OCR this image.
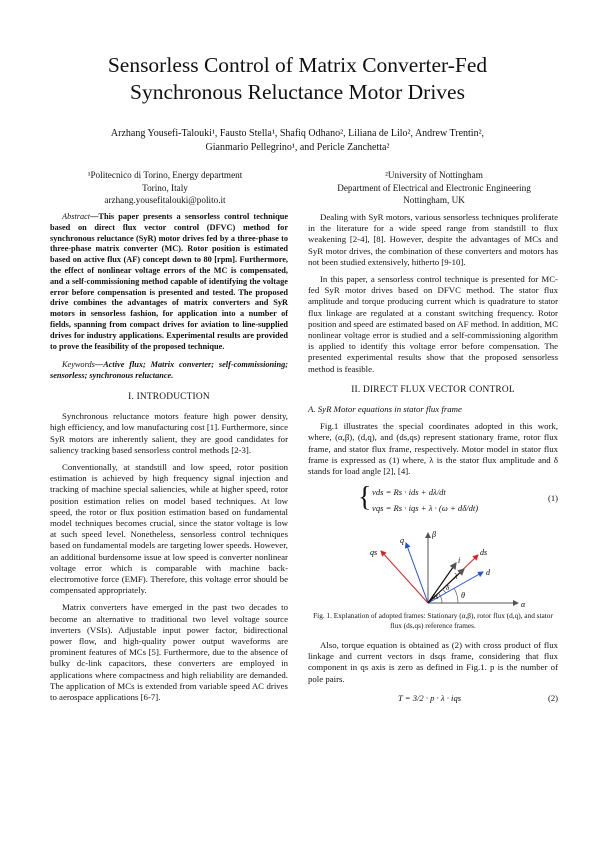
Sensorless Control of Matrix Converter-Fed
Synchronous Reluctance Motor Drives
Arzhang Yousefi-Talouki¹, Fausto Stella¹, Shafiq Odhano², Liliana de Lilo², Andrew Trentin²,
Gianmario Pellegrino¹, and Pericle Zanchetta²
¹Politecnico di Torino, Energy department
Torino, Italy
arzhang.yousefitalouki@polito.it
²University of Nottingham
Department of Electrical and Electronic Engineering
Nottingham, UK
Abstract—This paper presents a sensorless control technique based on direct flux vector control (DFVC) method for synchronous reluctance (SyR) motor drives fed by a three-phase to three-phase matrix converter (MC). Rotor position is estimated based on active flux (AF) concept down to 80 [rpm]. Furthermore, the effect of nonlinear voltage errors of the MC is compensated, and a self-commissioning method capable of identifying the voltage error before compensation is presented and tested. The proposed drive combines the advantages of matrix converters and SyR motors in sensorless fashion, for application into a number of fields, spanning from compact drives for aviation to line-supplied drives for industry applications. Experimental results are provided to prove the feasibility of the proposed technique.
Keywords—Active flux; Matrix converter; self-commissioning; sensorless; synchronous reluctance.
I. INTRODUCTION

Synchronous reluctance motors feature high power density, high efficiency, and low manufacturing cost [1]. Furthermore, since SyR motors are inherently salient, they are good candidates for saliency tracking based sensorless control methods [2-3].

Conventionally, at standstill and low speed, rotor position estimation is achieved by high frequency signal injection and tracking of machine special saliencies, while at higher speed, rotor position estimation relies on model based techniques. At low speed, the rotor or flux position estimation based on fundamental model techniques becomes crucial, since the stator voltage is low at such speed level. Nonetheless, sensorless control techniques based on fundamental models are targeting lower speeds. However, an additional burdensome issue at low speed is converter nonlinear voltage error which is comparable with machine back-electromotive force (EMF). Therefore, this voltage error should be compensated appropriately.

Matrix converters have emerged in the past two decades to become an alternative to traditional two level voltage source inverters (VSIs). Adjustable input power factor, bidirectional power flow, and high-quality power output waveforms are prominent features of MCs [5]. Furthermore, due to the absence of bulky dc-link capacitors, these converters are employed in applications where compactness and high reliability are demanded. The application of MCs is extended from variable speed AC drives to aerospace applications [6-7].

Dealing with SyR motors, various sensorless techniques proliferate in the literature for a wide speed range from standstill to flux weakening [2-4], [8]. However, despite the advantages of MCs and SyR motor drives, the combination of these converters and motors has not been studied extensively, hitherto [9-10].

In this paper, a sensorless control technique is presented for MC-fed SyR motor drives based on DFVC method. The stator flux amplitude and torque producing current which is quadrature to stator flux linkage are regulated at a constant switching frequency. Rotor position and speed are estimated based on AF method. In addition, MC nonlinear voltage error is studied and a self-commissioning algorithm is applied to identify this voltage error before compensation. The presented experimental results show that the proposed sensorless method is feasible.

II. DIRECT FLUX VECTOR CONTROL
A. SyR Motor equations in stator flux frame

Fig.1 illustrates the special coordinates adopted in this work, where, (α,β), (d,q), and (ds,qs) represent stationary frame, rotor flux frame, and stator flux frame, respectively. Motor model in stator flux frame is expressed as (1) where, λ is the stator flux amplitude and δ stands for load angle [2], [4].

{ vds = Rs · ids + dλ/dt
vqs = Rs · iqs + λ · (ω + dδ/dt)
(1)
β
α
q
d
qs	ds
λ
i
θ
δ
θs
Fig. 1. Explanation of adopted frames: Stationary (α,β), rotor flux (d,q), and stator flux (ds,qs) reference frames.

Also, torque equation is obtained as (2) with cross product of flux linkage and current vectors in dsqs frame, considering that flux component in qs axis is zero as defined in Fig.1. p is the number of pole pairs.

T = 3/2 · p · λ · iqs	(2)
